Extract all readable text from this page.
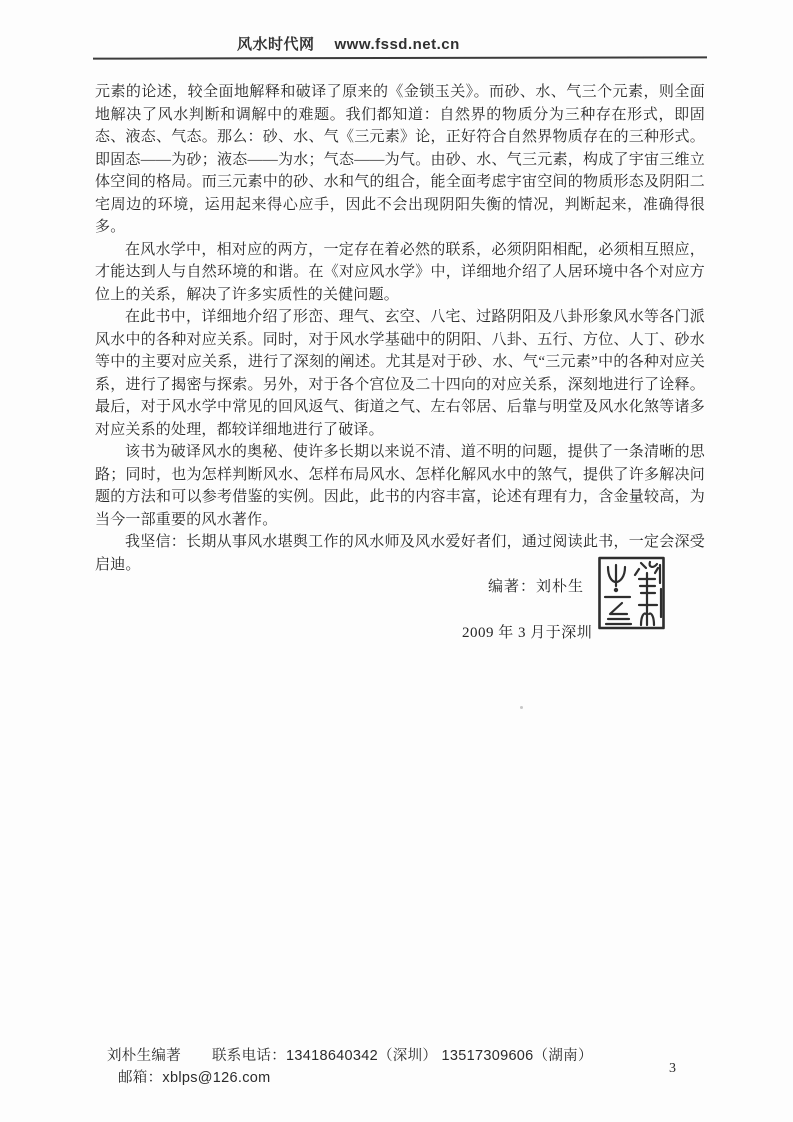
风水时代网 www.fssd.net.cn

元素的论述，较全面地解释和破译了原来的《金锁玉关》。而砂、水、气三个元素，则全面地解决了风水判断和调解中的难题。我们都知道：自然界的物质分为三种存在形式，即固态、液态、气态。那么：砂、水、气《三元素》论，正好符合自然界物质存在的三种形式。即固态——为砂；液态——为水；气态——为气。由砂、水、气三元素，构成了宇宙三维立体空间的格局。而三元素中的砂、水和气的组合，能全面考虑宇宙空间的物质形态及阴阳二宅周边的环境，运用起来得心应手，因此不会出现阴阳失衡的情况，判断起来，准确得很多。

在风水学中，相对应的两方，一定存在着必然的联系，必须阴阳相配，必须相互照应，才能达到人与自然环境的和谐。在《对应风水学》中，详细地介绍了人居环境中各个对应方位上的关系，解决了许多实质性的关健问题。

在此书中，详细地介绍了形峦、理气、玄空、八宅、过路阴阳及八卦形象风水等各门派风水中的各种对应关系。同时，对于风水学基础中的阴阳、八卦、五行、方位、人丁、砂水等中的主要对应关系，进行了深刻的阐述。尤其是对于砂、水、气“三元素”中的各种对应关系，进行了揭密与探索。另外，对于各个宫位及二十四向的对应关系，深刻地进行了诠释。最后，对于风水学中常见的回风返气、街道之气、左右邻居、后靠与明堂及风水化煞等诸多对应关系的处理，都较详细地进行了破译。

该书为破译风水的奥秘、使许多长期以来说不清、道不明的问题，提供了一条清晰的思路；同时，也为怎样判断风水、怎样布局风水、怎样化解风水中的煞气，提供了许多解决问题的方法和可以参考借鉴的实例。因此，此书的内容丰富，论述有理有力，含金量较高，为当今一部重要的风水著作。

我坚信：长期从事风水堪舆工作的风水师及风水爱好者们，通过阅读此书，一定会深受启迪。

编著：刘朴生
2009 年 3 月于深圳
刘朴生编著 联系电话：13418640342（深圳） 13517309606（湖南）
邮箱：xblps@126.com
3
